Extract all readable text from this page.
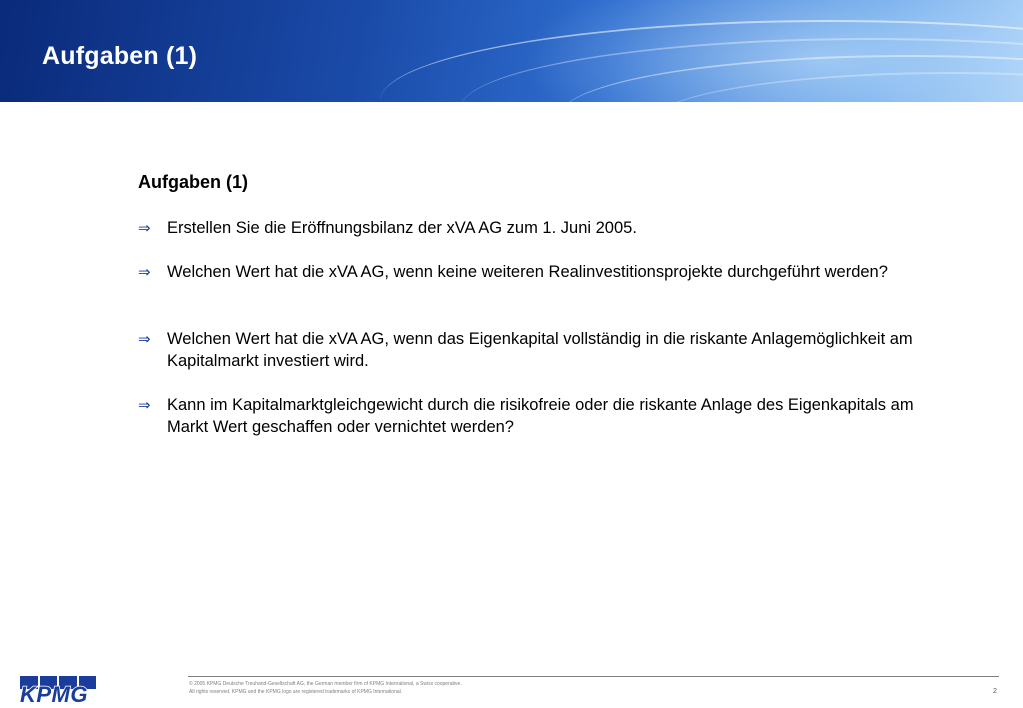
Aufgaben (1)
Aufgaben (1)
⇒ Erstellen Sie die Eröffnungsbilanz der xVA AG zum 1. Juni 2005.
⇒ Welchen Wert hat die xVA AG, wenn keine weiteren Realinvestitionsprojekte durchgeführt werden?
⇒ Welchen Wert hat die xVA AG, wenn das Eigenkapital vollständig in die riskante Anlagemöglichkeit am Kapitalmarkt investiert wird.
⇒ Kann im Kapitalmarktgleichgewicht durch die risikofreie oder die riskante Anlage des Eigenkapitals am Markt Wert geschaffen oder vernichtet werden?
KPMG	© 2005 KPMG Deutsche Treuhand-Gesellschaft AG, the German member firm of KPMG International, a Swiss cooperative.
All rights reserved. KPMG and the KPMG logo are registered trademarks of KPMG International.	2
